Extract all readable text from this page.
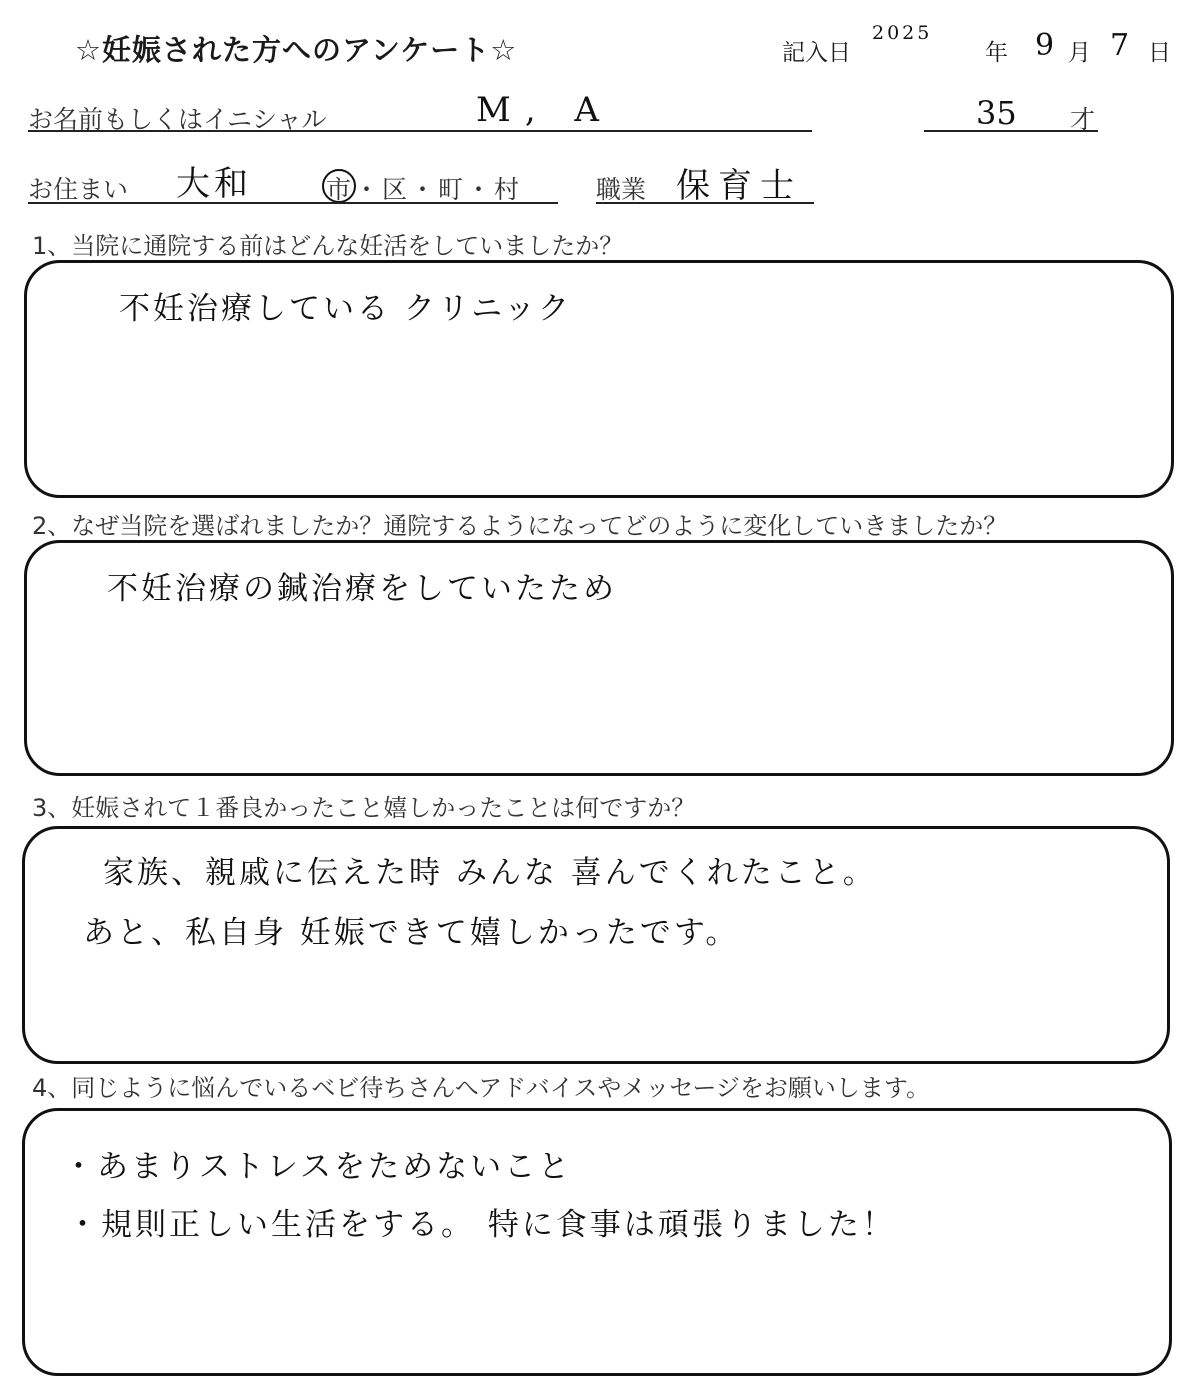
☆妊娠された方へのアンケート☆	記入日
2025
年 9 月 7 日
お名前もしくはイニシャル	M, A	35 才
お住まい 大和	市・区・町・村	職業 保育士
1、当院に通院する前はどんな妊活をしていましたか？
不妊治療している クリニック
2、なぜ当院を選ばれましたか？通院するようになってどのように変化していきましたか？
不妊治療の鍼治療をしていたため
3、妊娠されて１番良かったこと嬉しかったことは何ですか？
家族、親戚に伝えた時 みんな 喜んでくれたこと。
あと、私自身 妊娠できて嬉しかったです。
4、同じように悩んでいるベビ待ちさんへアドバイスやメッセージをお願いします。
・あまりストレスをためないこと
・規則正しい生活をする。 特に食事は頑張りました！
